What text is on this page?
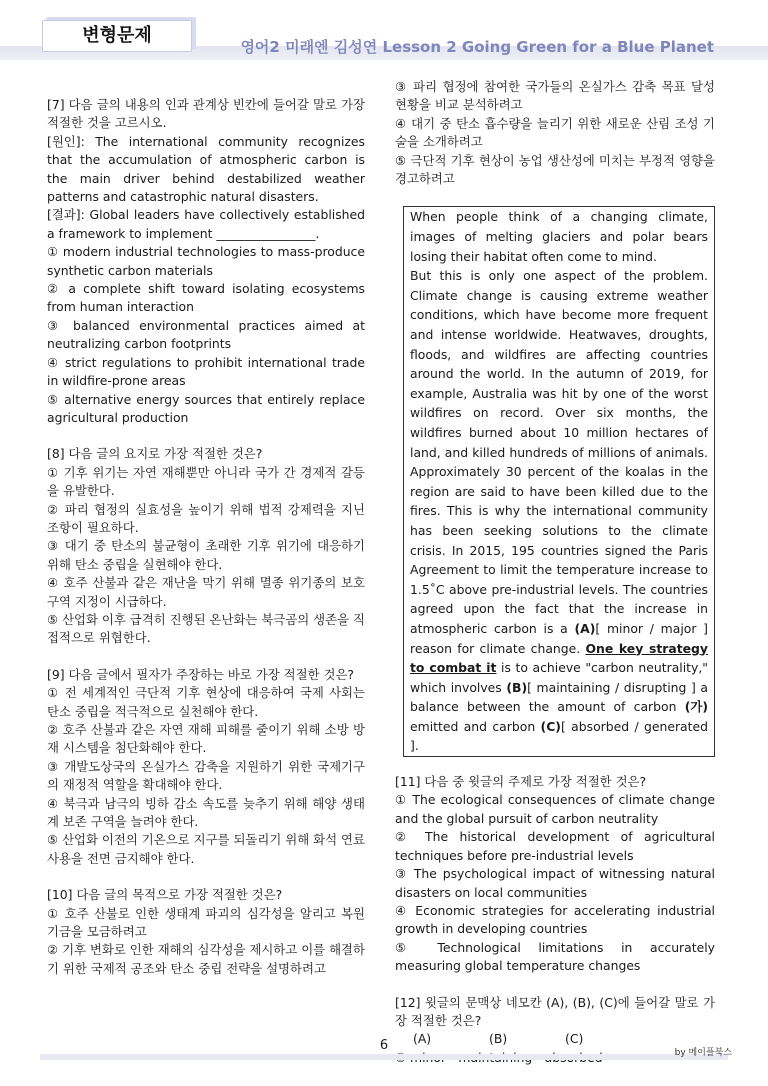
변형문제
영어2 미래엔 김성연 Lesson 2 Going Green for a Blue Planet

[7] 다음 글의 내용의 인과 관계상 빈칸에 들어갈 말로 가장 적절한 것을 고르시오.

[원인]: The international community recognizes that the accumulation of atmospheric carbon is the main driver behind destabilized weather patterns and catastrophic natural disasters.

[결과]: Global leaders have collectively established a framework to implement ________________.

① modern industrial technologies to mass-produce synthetic carbon materials

② a complete shift toward isolating ecosystems from human interaction

③ balanced environmental practices aimed at neutralizing carbon footprints

④ strict regulations to prohibit international trade in wildfire-prone areas

⑤ alternative energy sources that entirely replace agricultural production

[8] 다음 글의 요지로 가장 적절한 것은?

① 기후 위기는 자연 재해뿐만 아니라 국가 간 경제적 갈등을 유발한다.

② 파리 협정의 실효성을 높이기 위해 법적 강제력을 지닌 조항이 필요하다.

③ 대기 중 탄소의 불균형이 초래한 기후 위기에 대응하기 위해 탄소 중립을 실현해야 한다.

④ 호주 산불과 같은 재난을 막기 위해 멸종 위기종의 보호 구역 지정이 시급하다.

⑤ 산업화 이후 급격히 진행된 온난화는 북극곰의 생존을 직접적으로 위협한다.

[9] 다음 글에서 필자가 주장하는 바로 가장 적절한 것은?

① 전 세계적인 극단적 기후 현상에 대응하여 국제 사회는 탄소 중립을 적극적으로 실천해야 한다.

② 호주 산불과 같은 자연 재해 피해를 줄이기 위해 소방 방재 시스템을 첨단화해야 한다.

③ 개발도상국의 온실가스 감축을 지원하기 위한 국제기구의 재정적 역할을 확대해야 한다.

④ 북극과 남극의 빙하 감소 속도를 늦추기 위해 해양 생태계 보존 구역을 늘려야 한다.

⑤ 산업화 이전의 기온으로 지구를 되돌리기 위해 화석 연료 사용을 전면 금지해야 한다.

[10] 다음 글의 목적으로 가장 적절한 것은?

① 호주 산불로 인한 생태계 파괴의 심각성을 알리고 복원 기금을 모금하려고

② 기후 변화로 인한 재해의 심각성을 제시하고 이를 해결하기 위한 국제적 공조와 탄소 중립 전략을 설명하려고

③ 파리 협정에 참여한 국가들의 온실가스 감축 목표 달성 현황을 비교 분석하려고

④ 대기 중 탄소 흡수량을 늘리기 위한 새로운 산림 조성 기술을 소개하려고

⑤ 극단적 기후 현상이 농업 생산성에 미치는 부정적 영향을 경고하려고

When people think of a changing climate, images of melting glaciers and polar bears losing their habitat often come to mind.

But this is only one aspect of the problem. Climate change is causing extreme weather conditions, which have become more frequent and intense worldwide. Heatwaves, droughts, floods, and wildfires are affecting countries around the world. In the autumn of 2019, for example, Australia was hit by one of the worst wildfires on record. Over six months, the wildfires burned about 10 million hectares of land, and killed hundreds of millions of animals. Approximately 30 percent of the koalas in the region are said to have been killed due to the fires. This is why the international community has been seeking solutions to the climate crisis. In 2015, 195 countries signed the Paris Agreement to limit the temperature increase to 1.5˚C above pre-industrial levels. The countries agreed upon the fact that the increase in atmospheric carbon is a (A)[ minor / major ] reason for climate change. One key strategy to combat it is to achieve "carbon neutrality," which involves (B)[ maintaining / disrupting ] a balance between the amount of carbon (가) emitted and carbon (C)[ absorbed / generated ].

[11] 다음 중 윗글의 주제로 가장 적절한 것은?

① The ecological consequences of climate change and the global pursuit of carbon neutrality

② The historical development of agricultural techniques before pre-industrial levels

③ The psychological impact of witnessing natural disasters on local communities

④ Economic strategies for accelerating industrial growth in developing countries

⑤ Technological limitations in accurately measuring global temperature changes

[12] 윗글의 문맥상 네모칸 (A), (B), (C)에 들어갈 말로 가장 적절한 것은?

(A)	(B)	(C)

6	by 메이플북스
